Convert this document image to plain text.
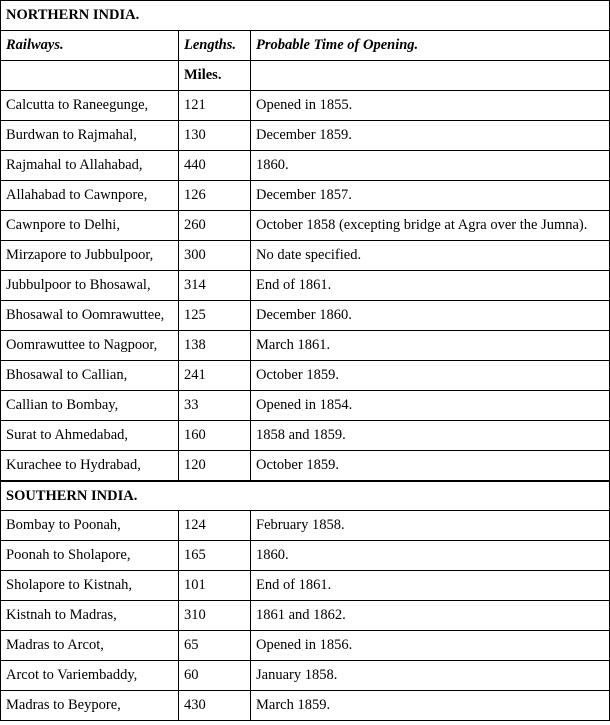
NORTHERN INDIA.		
Railways.	Lengths.	Probable Time of Opening.
	Miles.	
Calcutta to Raneegunge,	121	Opened in 1855.
Burdwan to Rajmahal,	130	December 1859.
Rajmahal to Allahabad,	440	1860.
Allahabad to Cawnpore,	126	December 1857.
Cawnpore to Delhi,	260	October 1858 (excepting bridge at Agra over the Jumna).
Mirzapore to Jubbulpoor,	300	No date specified.
Jubbulpoor to Bhosawal,	314	End of 1861.
Bhosawal to Oomrawuttee,	125	December 1860.
Oomrawuttee to Nagpoor,	138	March 1861.
Bhosawal to Callian,	241	October 1859.
Callian to Bombay,	33	Opened in 1854.
Surat to Ahmedabad,	160	1858 and 1859.
Kurachee to Hydrabad,	120	October 1859.
SOUTHERN INDIA.		
Bombay to Poonah,	124	February 1858.
Poonah to Sholapore,	165	1860.
Sholapore to Kistnah,	101	End of 1861.
Kistnah to Madras,	310	1861 and 1862.
Madras to Arcot,	65	Opened in 1856.
Arcot to Variembaddy,	60	January 1858.
Madras to Beypore,	430	March 1859.
